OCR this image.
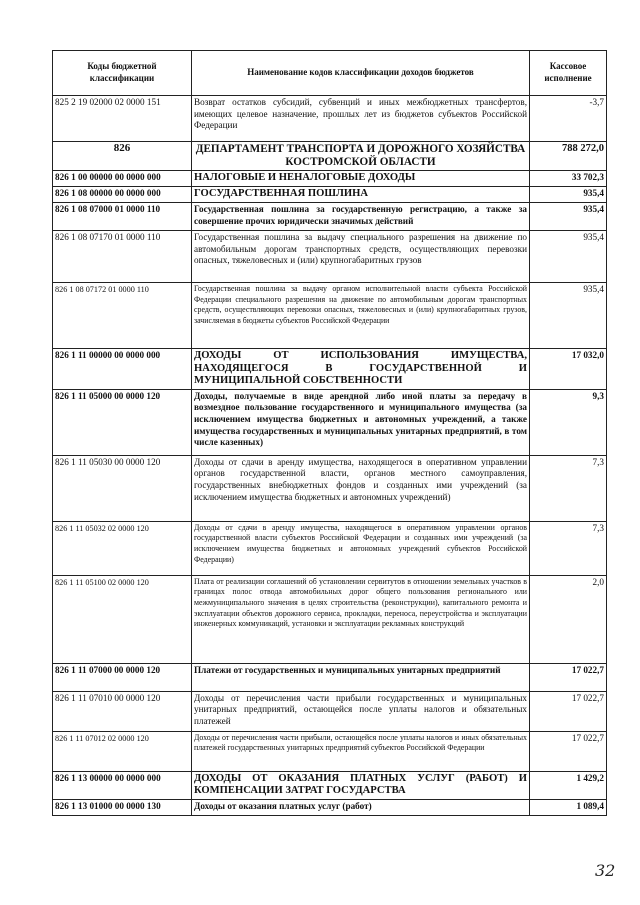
Коды бюджетной классификации	Наименование кодов классификации доходов бюджетов	Кассовое исполнение
825 2 19 02000 02 0000 151	Возврат остатков субсидий, субвенций и иных межбюджетных трансфертов, имеющих целевое назначение, прошлых лет из бюджетов субъектов Российской Федерации	-3,7
826	ДЕПАРТАМЕНТ ТРАНСПОРТА И ДОРОЖНОГО ХОЗЯЙСТВА КОСТРОМСКОЙ ОБЛАСТИ	788 272,0
826 1 00 00000 00 0000 000	НАЛОГОВЫЕ И НЕНАЛОГОВЫЕ ДОХОДЫ	33 702,3
826 1 08 00000 00 0000 000	ГОСУДАРСТВЕННАЯ ПОШЛИНА	935,4
826 1 08 07000 01 0000 110	Государственная пошлина за государственную регистрацию, а также за совершение прочих юридически значимых действий	935,4
826 1 08 07170 01 0000 110	Государственная пошлина за выдачу специального разрешения на движение по автомобильным дорогам транспортных средств, осуществляющих перевозки опасных, тяжеловесных и (или) крупногабаритных грузов	935,4
826 1 08 07172 01 0000 110	Государственная пошлина за выдачу органом исполнительной власти субъекта Российской Федерации специального разрешения на движение по автомобильным дорогам транспортных средств, осуществляющих перевозки опасных, тяжеловесных и (или) крупногабаритных грузов, зачисляемая в бюджеты субъектов Российской Федерации	935,4
826 1 11 00000 00 0000 000	ДОХОДЫ ОТ ИСПОЛЬЗОВАНИЯ ИМУЩЕСТВА, НАХОДЯЩЕГОСЯ В ГОСУДАРСТВЕННОЙ И МУНИЦИПАЛЬНОЙ СОБСТВЕННОСТИ	17 032,0
826 1 11 05000 00 0000 120	Доходы, получаемые в виде арендной либо иной платы за передачу в возмездное пользование государственного и муниципального имущества (за исключением имущества бюджетных и автономных учреждений, а также имущества государственных и муниципальных унитарных предприятий, в том числе казенных)	9,3
826 1 11 05030 00 0000 120	Доходы от сдачи в аренду имущества, находящегося в оперативном управлении органов государственной власти, органов местного самоуправления, государственных внебюджетных фондов и созданных ими учреждений (за исключением имущества бюджетных и автономных учреждений)	7,3
826 1 11 05032 02 0000 120	Доходы от сдачи в аренду имущества, находящегося в оперативном управлении органов государственной власти субъектов Российской Федерации и созданных ими учреждений (за исключением имущества бюджетных и автономных учреждений субъектов Российской Федерации)	7,3
826 1 11 05100 02 0000 120	Плата от реализации соглашений об установлении сервитутов в отношении земельных участков в границах полос отвода автомобильных дорог общего пользования регионального или межмуниципального значения в целях строительства (реконструкции), капитального ремонта и эксплуатации объектов дорожного сервиса, прокладки, переноса, переустройства и эксплуатации инженерных коммуникаций, установки и эксплуатации рекламных конструкций	2,0
826 1 11 07000 00 0000 120	Платежи от государственных и муниципальных унитарных предприятий	17 022,7
826 1 11 07010 00 0000 120	Доходы от перечисления части прибыли государственных и муниципальных унитарных предприятий, остающейся после уплаты налогов и обязательных платежей	17 022,7
826 1 11 07012 02 0000 120	Доходы от перечисления части прибыли, остающейся после уплаты налогов и иных обязательных платежей государственных унитарных предприятий субъектов Российской Федерации	17 022,7
826 1 13 00000 00 0000 000	ДОХОДЫ ОТ ОКАЗАНИЯ ПЛАТНЫХ УСЛУГ (РАБОТ) И КОМПЕНСАЦИИ ЗАТРАТ ГОСУДАРСТВА	1 429,2
826 1 13 01000 00 0000 130	Доходы от оказания платных услуг (работ)	1 089,4
32
